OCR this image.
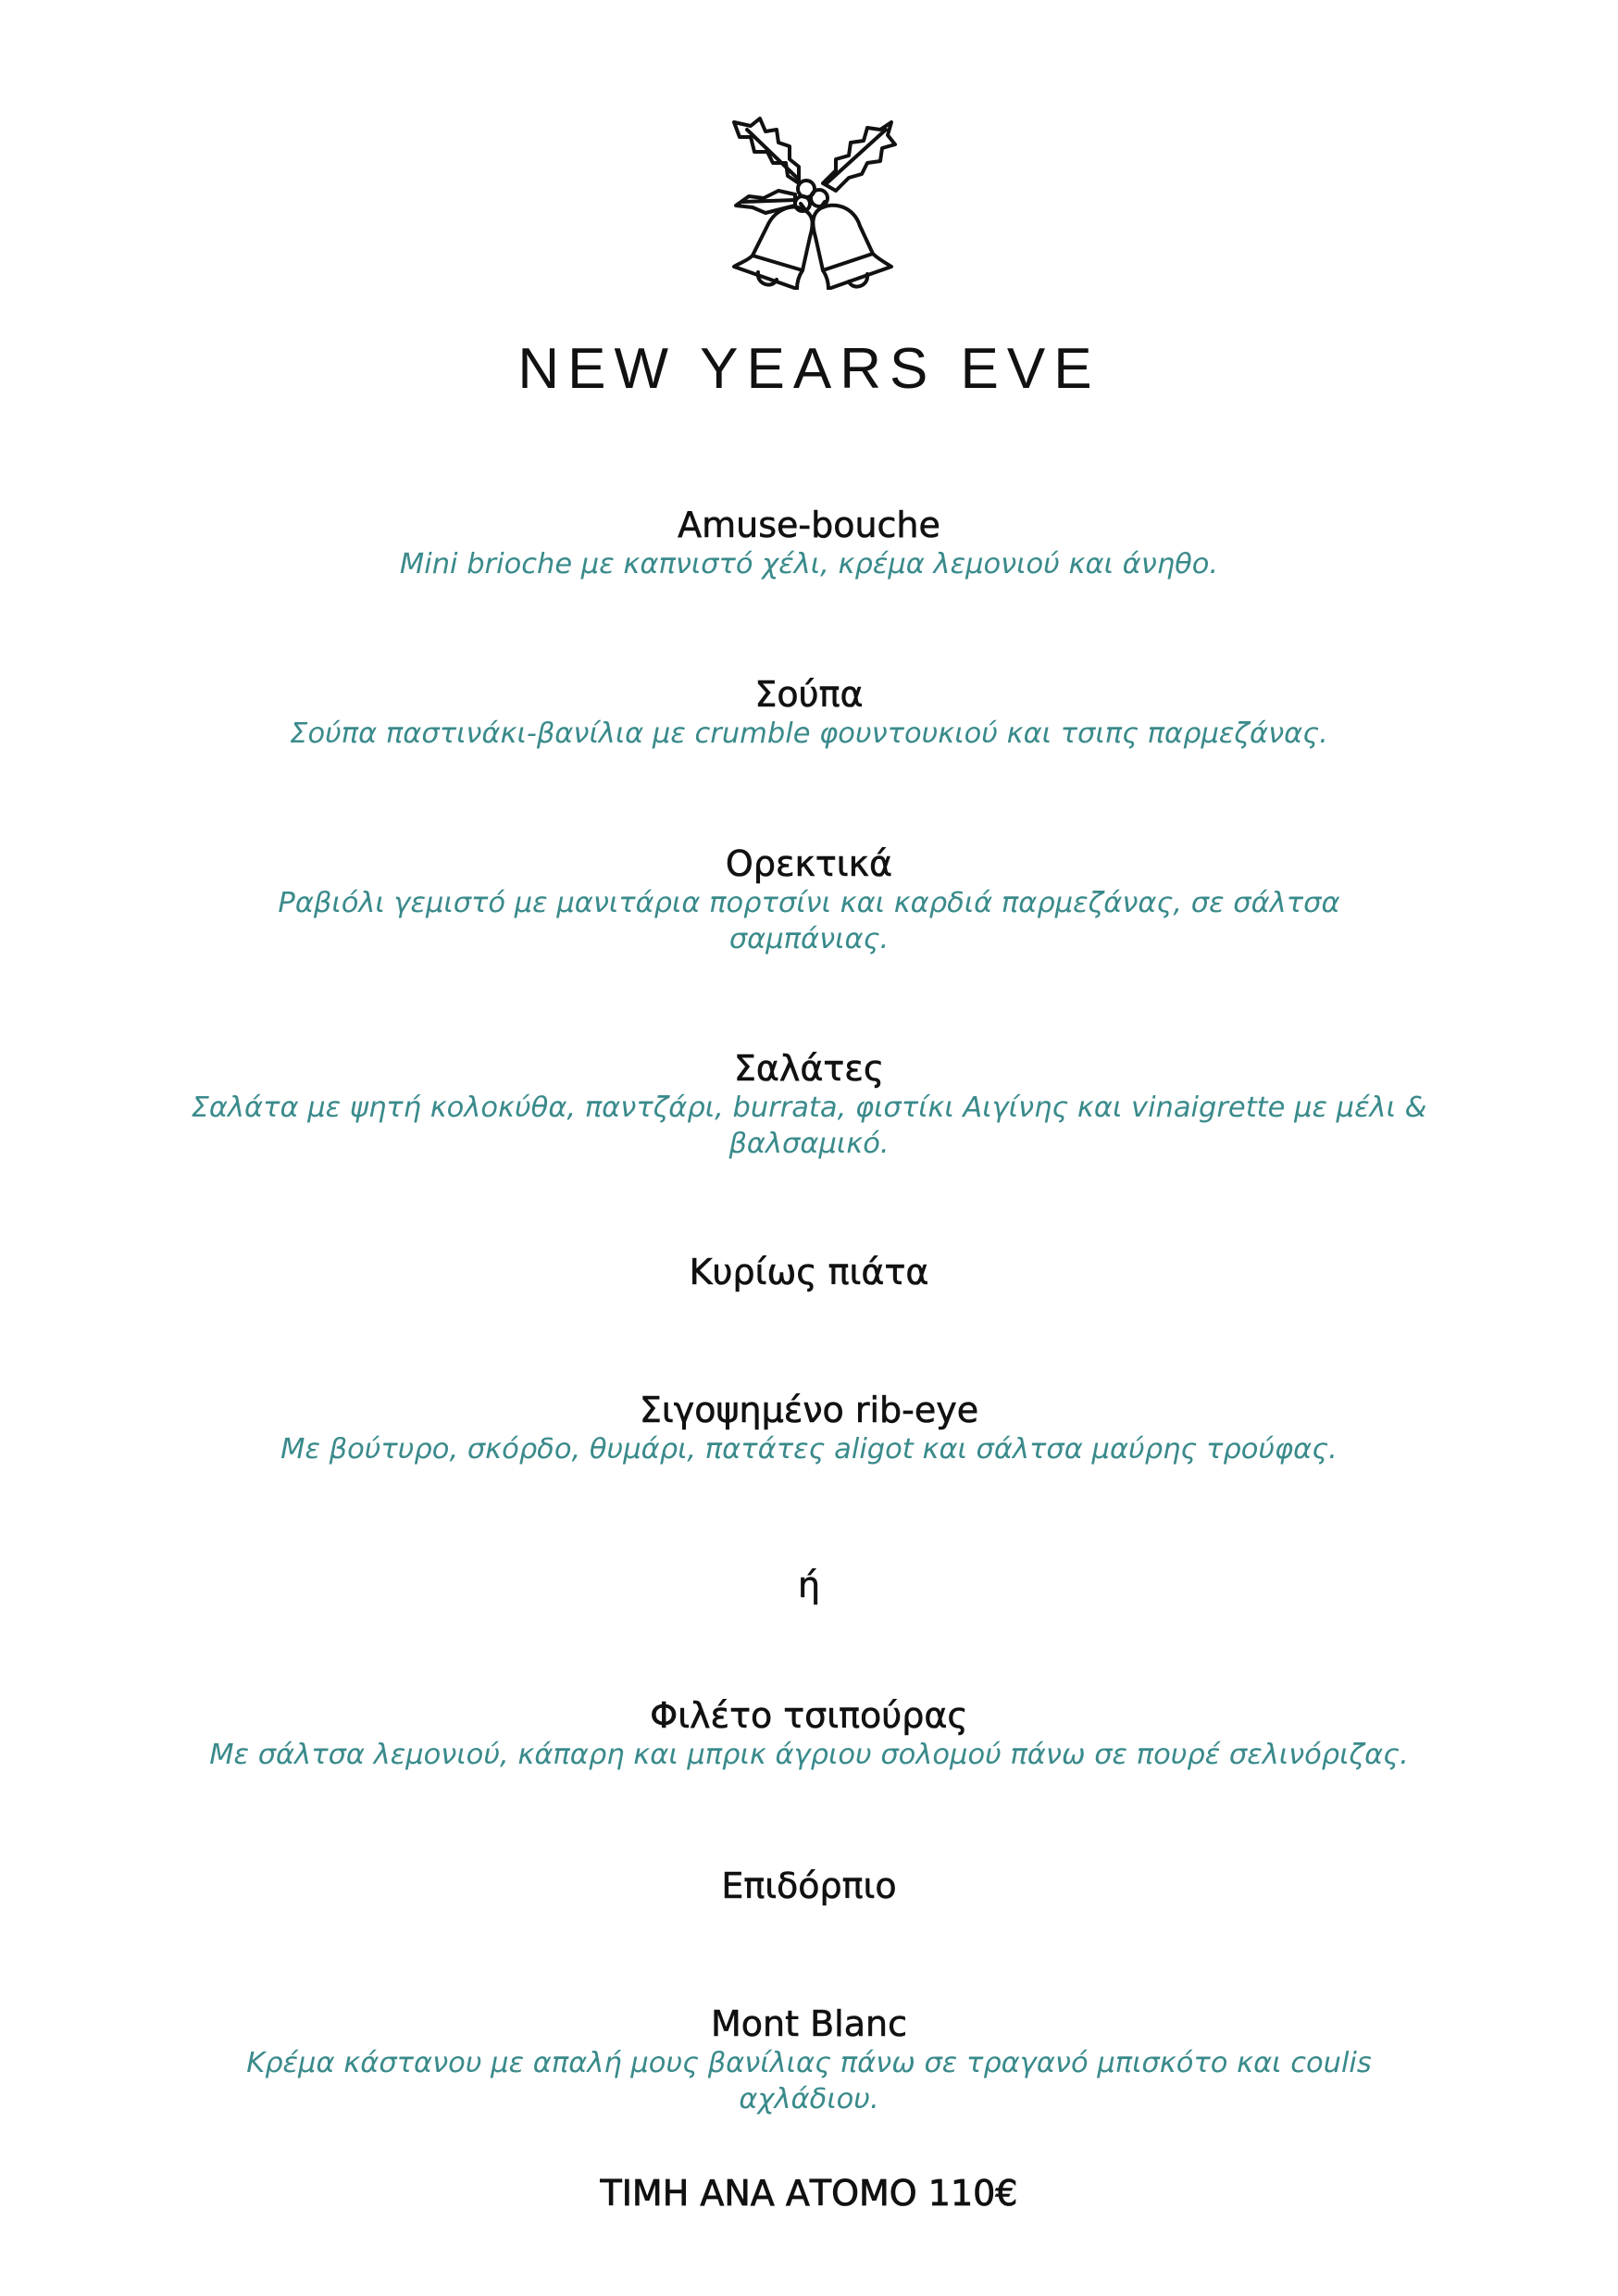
NEW YEARS EVE
Amuse-bouche
Mini brioche με καπνιστό χέλι, κρέμα λεμονιού και άνηθο.
Σούπα
Σούπα παστινάκι-βανίλια με crumble φουντουκιού και τσιπς παρμεζάνας.
Ορεκτικά
Ραβιόλι γεμιστό με μανιτάρια πορτσίνι και καρδιά παρμεζάνας, σε σάλτσα σαμπάνιας.
Σαλάτες
Σαλάτα με ψητή κολοκύθα, παντζάρι, burrata, φιστίκι Αιγίνης και vinaigrette με μέλι & βαλσαμικό.
Κυρίως πιάτα
Σιγοψημένο rib-eye
Με βούτυρο, σκόρδο, θυμάρι, πατάτες aligot και σάλτσα μαύρης τρούφας.
ή
Φιλέτο τσιπούρας
Με σάλτσα λεμονιού, κάπαρη και μπρικ άγριου σολομού πάνω σε πουρέ σελινόριζας.
Επιδόρπιο
Mont Blanc
Κρέμα κάστανου με απαλή μους βανίλιας πάνω σε τραγανό μπισκότο και coulis αχλάδιου.
ΤΙΜΗ ΑΝΑ ΑΤΟΜΟ 110€
